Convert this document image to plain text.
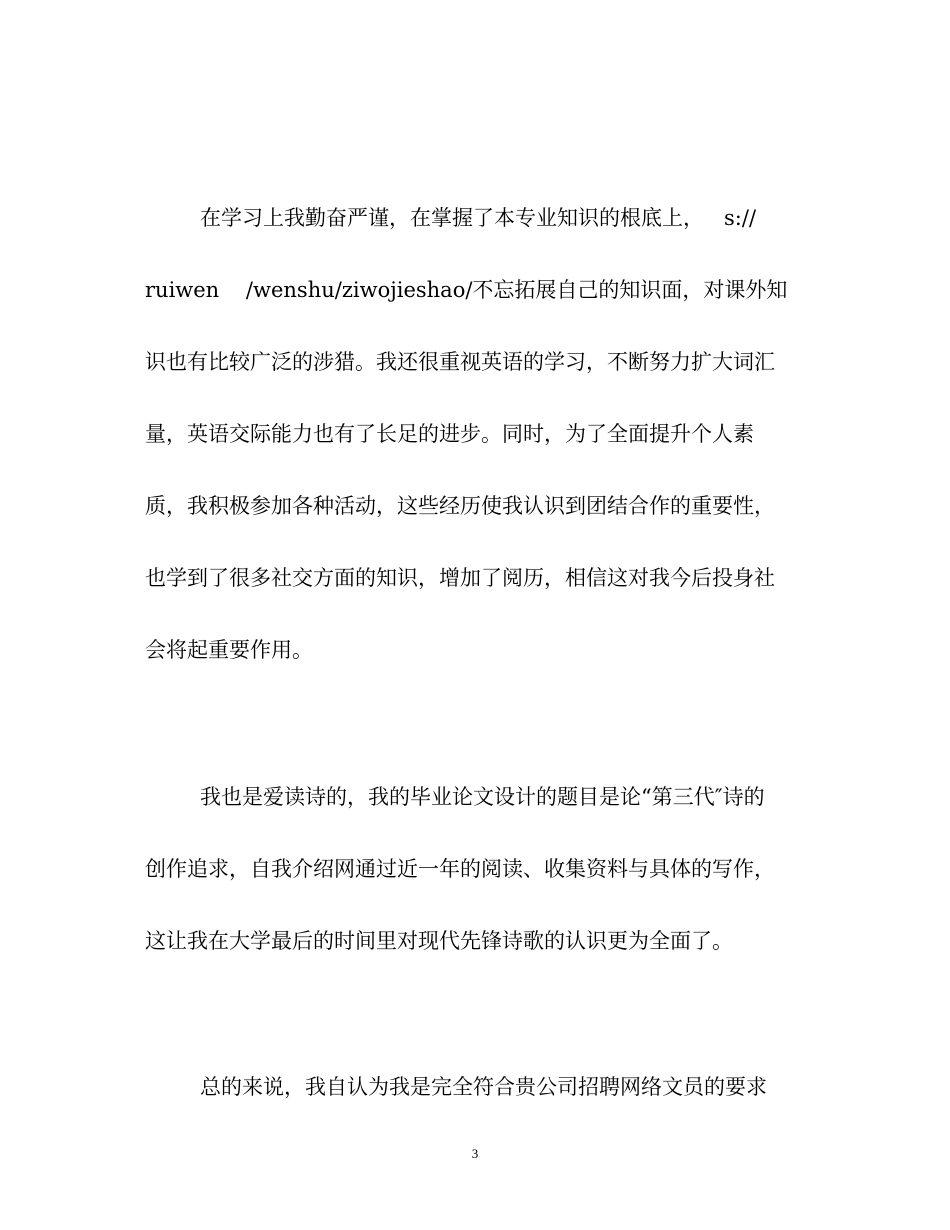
在学习上我勤奋严谨，在掌握了本专业知识的根底上，   s://
ruiwen    /wenshu/ziwojieshao/不忘拓展自己的知识面，对课外知
识也有比较广泛的涉猎。我还很重视英语的学习，不断努力扩大词汇
量，英语交际能力也有了长足的进步。同时，为了全面提升个人素
质，我积极参加各种活动，这些经历使我认识到团结合作的重要性，
也学到了很多社交方面的知识，增加了阅历，相信这对我今后投身社
会将起重要作用。
我也是爱读诗的，我的毕业论文设计的题目是论“第三代″诗的
创作追求，自我介绍网通过近一年的阅读、收集资料与具体的写作，
这让我在大学最后的时间里对现代先锋诗歌的认识更为全面了。
总的来说，我自认为我是完全符合贵公司招聘网络文员的要求
3
